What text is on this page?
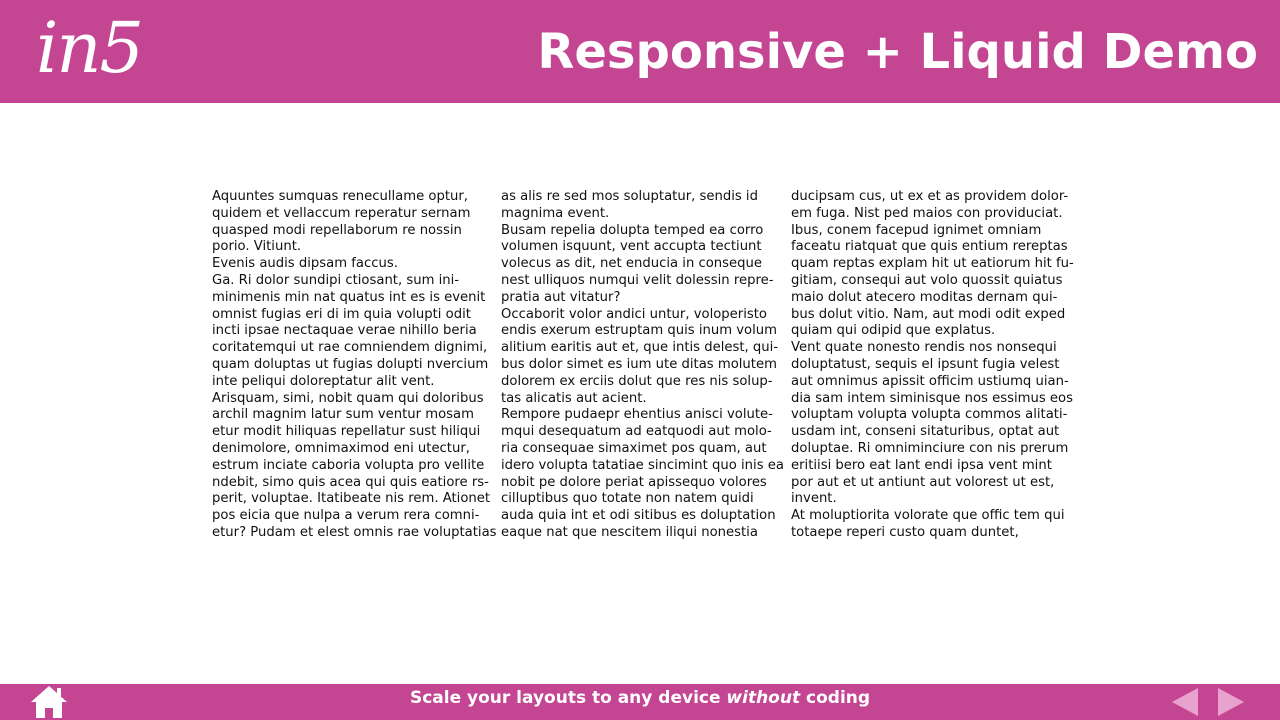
in5	Responsive + Liquid Demo

Aquuntes sumquas renecullame optur,

quidem et vellaccum reperatur sernam

quasped modi repellaborum re nossin

porio. Vitiunt.

Evenis audis dipsam faccus.

Ga. Ri dolor sundipi ctiosant, sum ini-

minimenis min nat quatus int es is evenit

omnist fugias eri di im quia volupti odit

incti ipsae nectaquae verae nihillo beria

coritatemqui ut rae comniendem dignimi,

quam doluptas ut fugias dolupti nvercium

inte peliqui doloreptatur alit vent.

Arisquam, simi, nobit quam qui doloribus

archil magnim latur sum ventur mosam

etur modit hiliquas repellatur sust hiliqui

denimolore, omnimaximod eni utectur,

estrum inciate caboria volupta pro vellite

ndebit, simo quis acea qui quis eatiore rs-

perit, voluptae. Itatibeate nis rem. Ationet

pos eicia que nulpa a verum rera comni-

etur? Pudam et elest omnis rae voluptatias

as alis re sed mos soluptatur, sendis id

magnima event.

Busam repelia dolupta temped ea corro

volumen isquunt, vent accupta tectiunt

volecus as dit, net enducia in conseque

nest ulliquos numqui velit dolessin repre-

pratia aut vitatur?

Occaborit volor andici untur, volореristo

endis exerum estruptam quis inum volum

alitium earitis aut et, que intis delest, qui-

bus dolor simet es ium ute ditas molutem

dolorem ex erciis dolut que res nis solup-

tas alicatis aut acient.

Rempore pudaepr ehentius anisci volute-

mqui desequatum ad eatquodi aut molo-

ria consequae simaximet pos quam, aut

idero volupta tatatiae sincimint quo inis ea

nobit pe dolore periat apissequo volores

cilluptibus quo totate non natem quidi

auda quia int et odi sitibus es doluptation

eaque nat que nescitem iliqui nonestia

ducipsam cus, ut ex et as providem dolor-

em fuga. Nist ped maios con providuciat.

Ibus, conem facepud ignimet omniam

faceatu riatquat que quis entium rereptas

quam reptas explam hit ut eatiorum hit fu-

gitiam, consequi aut volo quossit quiatus

maio dolut atecero moditas dernam qui-

bus dolut vitio. Nam, aut modi odit exped

quiam qui odipid que explatus.

Vent quate nonesto rendis nos nonsequi

doluptatust, sequis el ipsunt fugia velest

aut omnimus apissit officim ustiumq uian-

dia sam intem siminisque nos essimus eos

voluptam volupta volupta commos alitati-

usdam int, conseni sitaturibus, optat aut

doluptae. Ri omniminciure con nis prerum

eritiisi bero eat lant endi ipsa vent mint

por aut et ut antiunt aut volorest ut est,

invent.

At moluptiorita volorate que offic tem qui

totaepe reperi custo quam duntet,

Scale your layouts to any device without coding
